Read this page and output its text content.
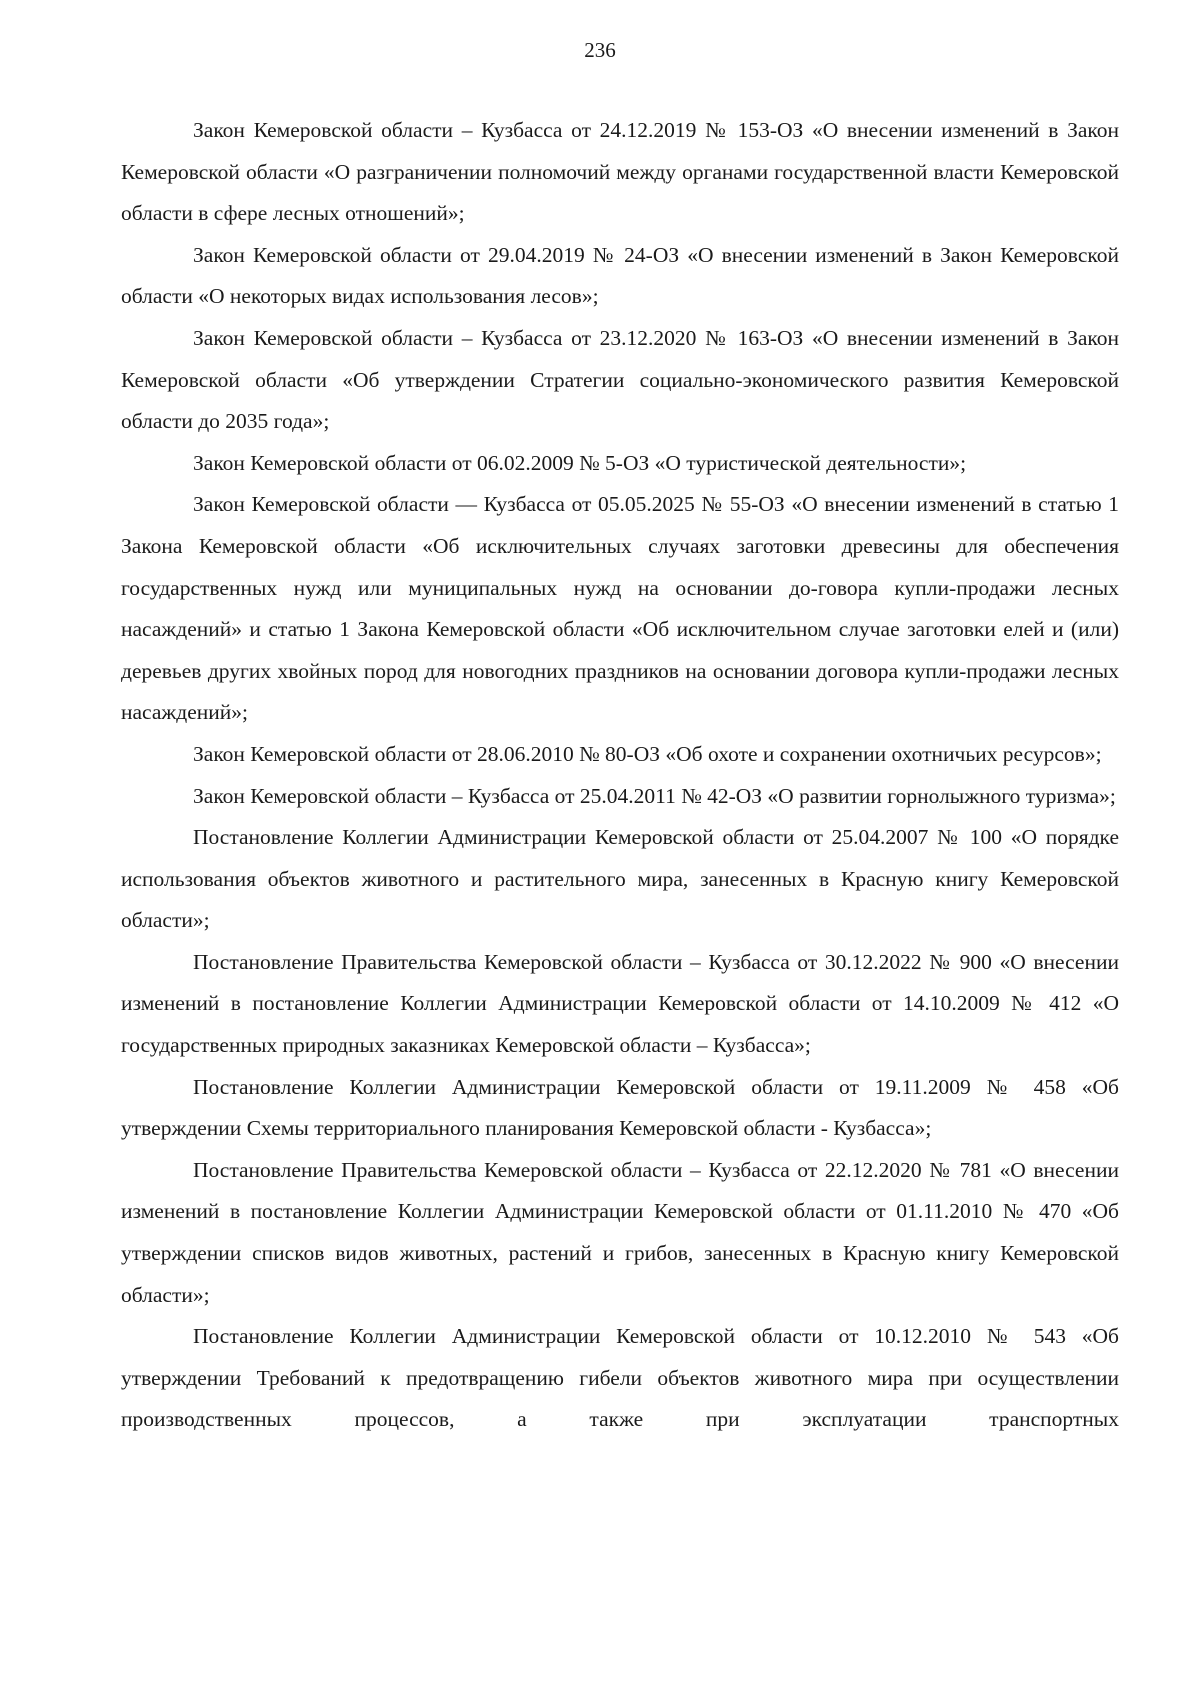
236

Закон Кемеровской области – Кузбасса от 24.12.2019 № 153-ОЗ «О внесении изменений в Закон Кемеровской области «О разграничении полномочий между органами государственной власти Кемеровской области в сфере лесных отношений»;

Закон Кемеровской области от 29.04.2019 № 24-ОЗ «О внесении изменений в Закон Кемеровской области «О некоторых видах использования лесов»;

Закон Кемеровской области – Кузбасса от 23.12.2020 № 163-ОЗ «О внесении изменений в Закон Кемеровской области «Об утверждении Стратегии социально-экономического развития Кемеровской области до 2035 года»;

Закон Кемеровской области от 06.02.2009 № 5-ОЗ «О туристической деятельности»;

Закон Кемеровской области — Кузбасса от 05.05.2025 № 55-ОЗ «О внесении изменений в статью 1 Закона Кемеровской области «Об исключительных случаях заготовки древесины для обеспечения государственных нужд или муниципальных нужд на основании до-говора купли-продажи лесных насаждений» и статью 1 Закона Кемеровской области «Об исключительном случае заготовки елей и (или) деревьев других хвойных пород для новогодних праздников на основании договора купли-продажи лесных насаждений»;

Закон Кемеровской области от 28.06.2010 № 80-ОЗ «Об охоте и сохранении охотничьих ресурсов»;

Закон Кемеровской области – Кузбасса от 25.04.2011 № 42-ОЗ «О развитии горнолыжного туризма»;

Постановление Коллегии Администрации Кемеровской области от 25.04.2007 № 100 «О порядке использования объектов животного и растительного мира, занесенных в Красную книгу Кемеровской области»;

Постановление Правительства Кемеровской области – Кузбасса от 30.12.2022 № 900 «О внесении изменений в постановление Коллегии Администрации Кемеровской области от 14.10.2009 № 412 «О государственных природных заказниках Кемеровской области – Кузбасса»;

Постановление Коллегии Администрации Кемеровской области от 19.11.2009 № 458 «Об утверждении Схемы территориального планирования Кемеровской области - Кузбасса»;

Постановление Правительства Кемеровской области – Кузбасса от 22.12.2020 № 781 «О внесении изменений в постановление Коллегии Администрации Кемеровской области от 01.11.2010 № 470 «Об утверждении списков видов животных, растений и грибов, занесенных в Красную книгу Кемеровской области»;

Постановление Коллегии Администрации Кемеровской области от 10.12.2010 № 543 «Об утверждении Требований к предотвращению гибели объектов животного мира при осуществлении производственных процессов, а также при эксплуатации транспортных
